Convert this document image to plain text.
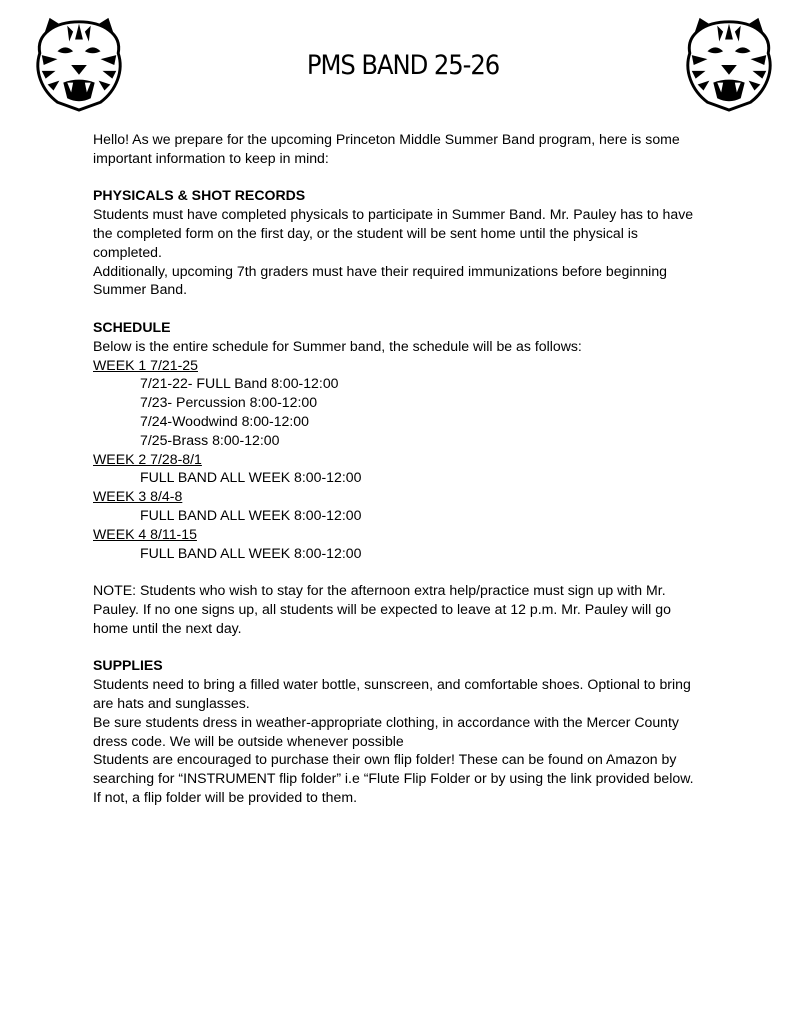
PMS BAND 25-26

Hello! As we prepare for the upcoming Princeton Middle Summer Band program, here is some important information to keep in mind:

PHYSICALS & SHOT RECORDS

Students must have completed physicals to participate in Summer Band. Mr. Pauley has to have the completed form on the first day, or the student will be sent home until the physical is completed.

Additionally, upcoming 7th graders must have their required immunizations before beginning Summer Band.

SCHEDULE

Below is the entire schedule for Summer band, the schedule will be as follows:

WEEK 1 7/21-25

7/21-22- FULL Band 8:00-12:00

7/23- Percussion 8:00-12:00

7/24-Woodwind 8:00-12:00

7/25-Brass 8:00-12:00

WEEK 2 7/28-8/1

FULL BAND ALL WEEK 8:00-12:00

WEEK 3 8/4-8

FULL BAND ALL WEEK 8:00-12:00

WEEK 4 8/11-15

FULL BAND ALL WEEK 8:00-12:00

NOTE: Students who wish to stay for the afternoon extra help/practice must sign up with Mr. Pauley. If no one signs up, all students will be expected to leave at 12 p.m. Mr. Pauley will go home until the next day.

SUPPLIES

Students need to bring a filled water bottle, sunscreen, and comfortable shoes. Optional to bring are hats and sunglasses.

Be sure students dress in weather-appropriate clothing, in accordance with the Mercer County dress code. We will be outside whenever possible

Students are encouraged to purchase their own flip folder! These can be found on Amazon by searching for “INSTRUMENT flip folder” i.e “Flute Flip Folder or by using the link provided below. If not, a flip folder will be provided to them.
